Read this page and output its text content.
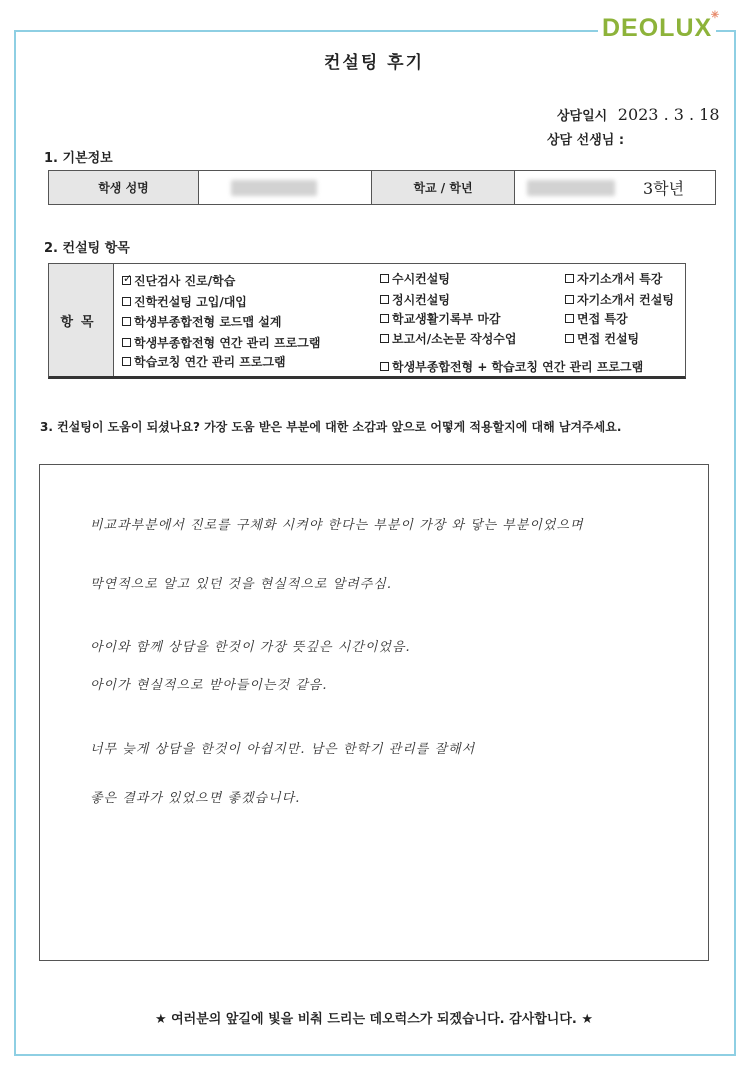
DEOLUX
✳
컨설팅 후기
상담일시 2023 . 3 . 18
상담 선생님 :
1. 기본정보
학생 성명	학교 / 학년	3학년
2. 컨설팅 항목
항목
✓
진단검사 진로/학습
진학컨설팅 고입/대입
학생부종합전형 로드맵 설계
학생부종합전형 연간 관리 프로그램
학습코칭 연간 관리 프로그램
수시컨설팅
정시컨설팅
학교생활기록부 마감
보고서/소논문 작성수업
학생부종합전형 + 학습코칭 연간 관리 프로그램
자기소개서 특강
자기소개서 컨설팅
면접 특강
면접 컨설팅
3. 컨설팅이 도움이 되셨나요? 가장 도움 받은 부분에 대한 소감과 앞으로 어떻게 적용할지에 대해 남겨주세요.
비교과부분에서 진로를 구체화 시켜야 한다는 부분이 가장 와 닿는 부분이었으며
막연적으로 알고 있던 것을 현실적으로 알려주심.
아이와 함께 상담을 한것이 가장 뜻깊은 시간이었음.
아이가 현실적으로 받아들이는것 같음.
너무 늦게 상담을 한것이 아쉽지만. 남은 한학기 관리를 잘해서
좋은 결과가 있었으면 좋겠습니다.
★ 여러분의 앞길에 빛을 비춰 드리는 데오럭스가 되겠습니다. 감사합니다. ★
